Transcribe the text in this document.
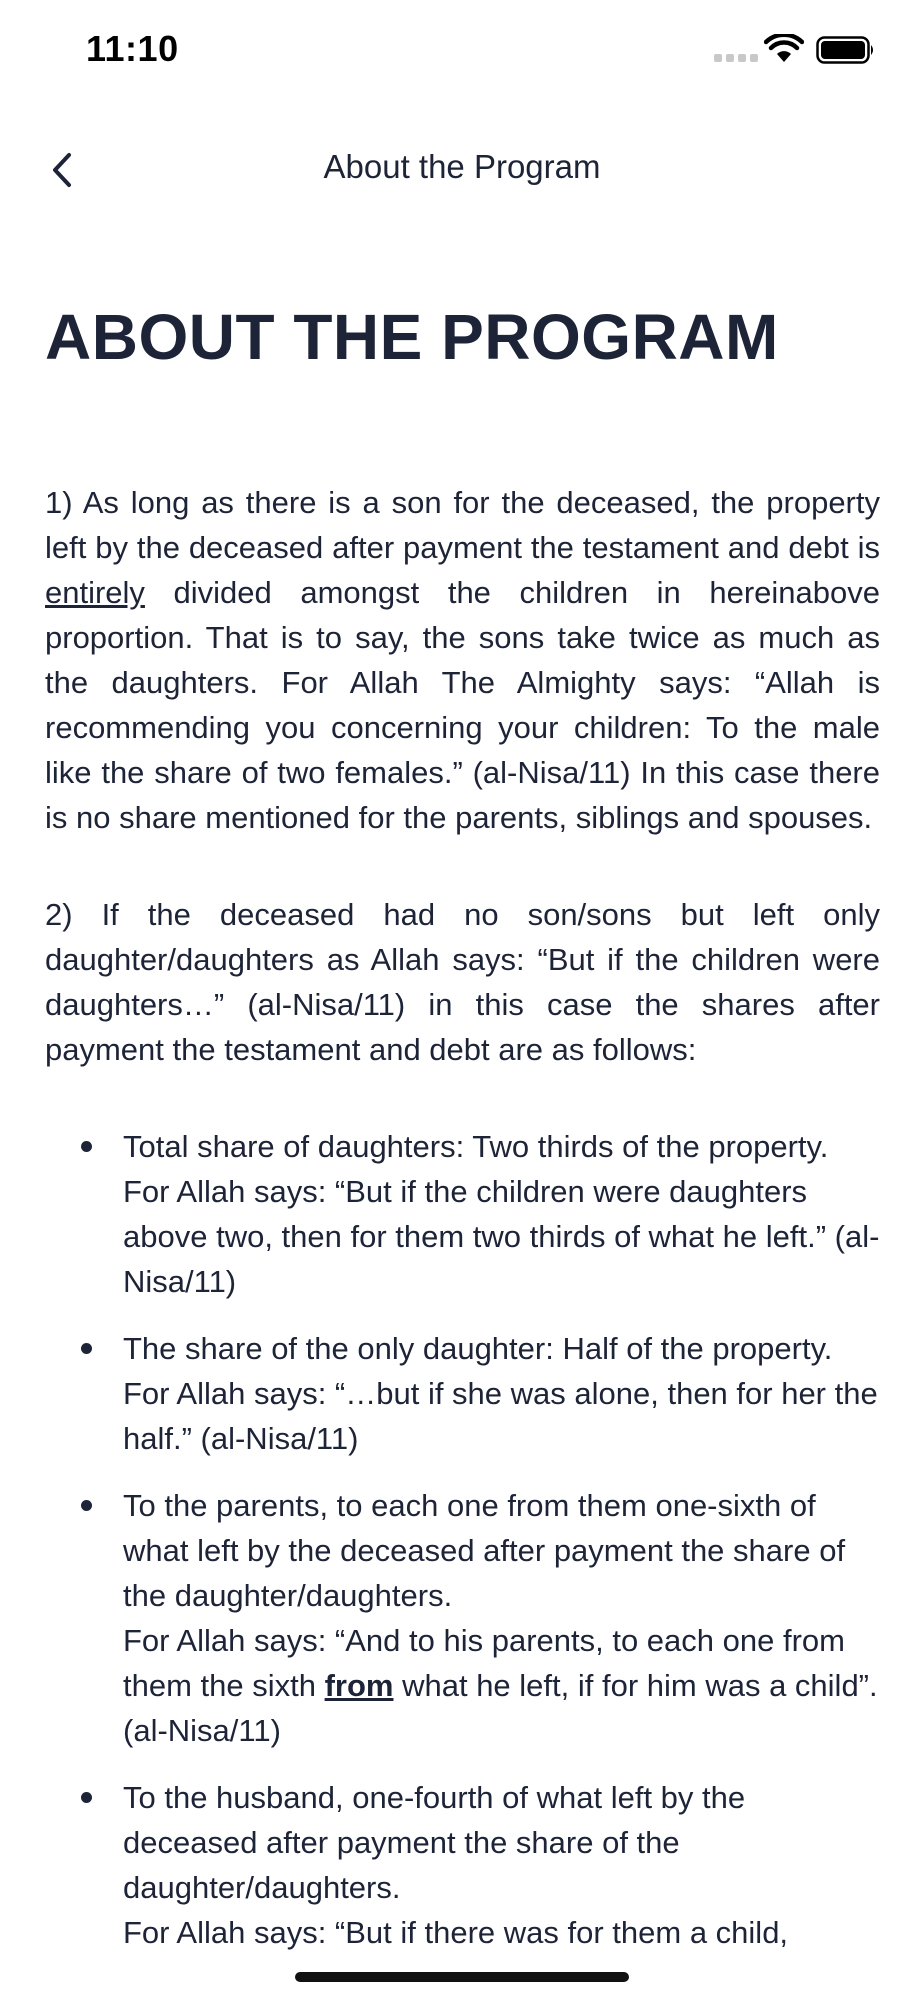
11:10
About the Program
ABOUT THE PROGRAM

1) As long as there is a son for the deceased, the property left by the deceased after payment the testament and debt is entirely divided amongst the children in hereinabove proportion. That is to say, the sons take twice as much as the daughters. For Allah The Almighty says: “Allah is recommending you concerning your children: To the male like the share of two females.” (al-Nisa/11) In this case there is no share mentioned for the parents, siblings and spouses.

2) If the deceased had no son/sons but left only daughter/daughters as Allah says: “But if the children were daughters…” (al-Nisa/11) in this case the shares after payment the testament and debt are as follows:

Total share of daughters: Two thirds of the property.
For Allah says: “But if the children were daughters above two, then for them two thirds of what he left.” (al-Nisa/11)
The share of the only daughter: Half of the property.
For Allah says: “…but if she was alone, then for her the half.” (al-Nisa/11)
To the parents, to each one from them one-sixth of what left by the deceased after payment the share of the daughter/daughters.
For Allah says: “And to his parents, to each one from them the sixth from what he left, if for him was a child”. (al-Nisa/11)
To the husband, one-fourth of what left by the deceased after payment the share of the daughter/daughters.
For Allah says: “But if there was for them a child,
